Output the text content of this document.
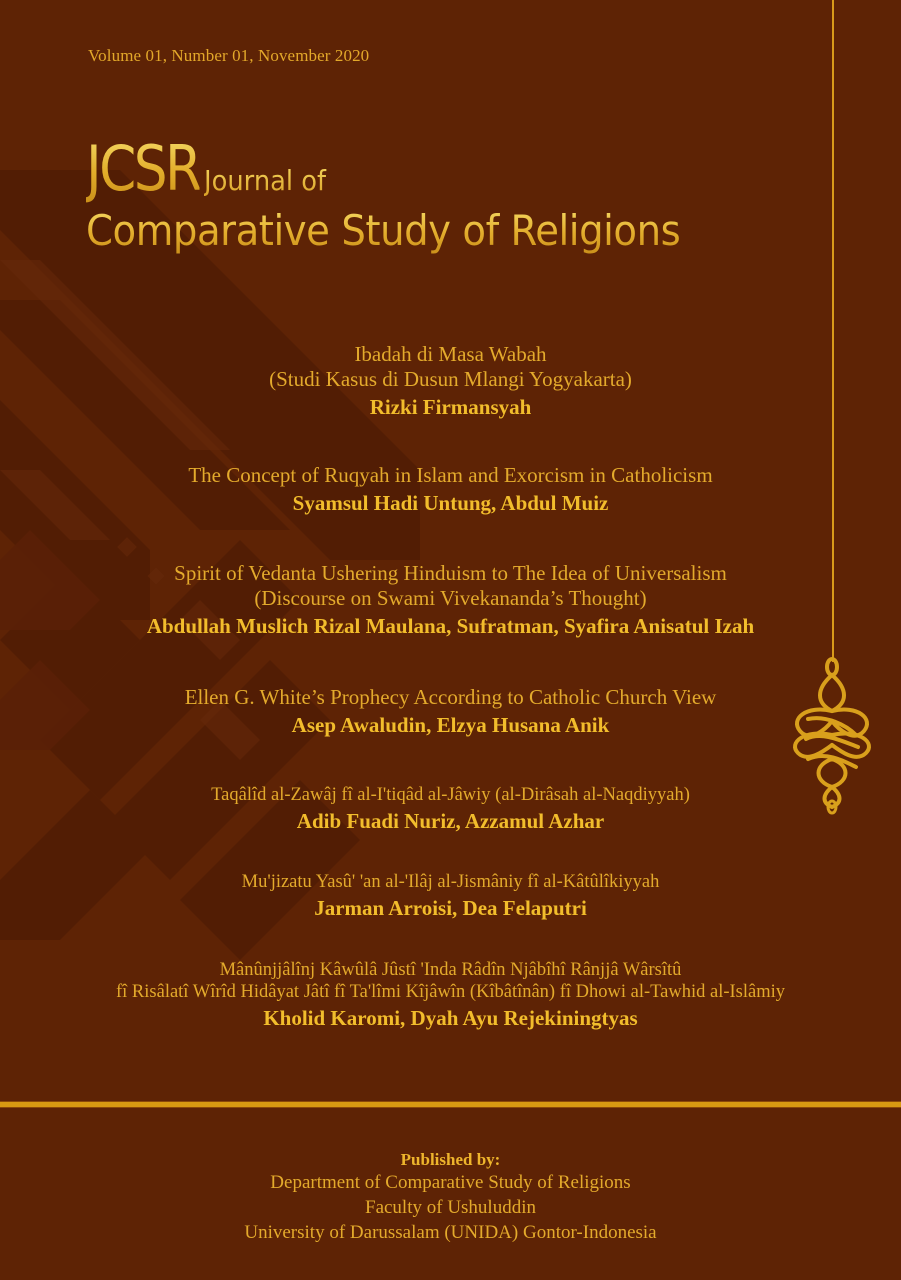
Volume 01, Number 01, November 2020
JCSR Journal of
Comparative Study of Religions
Ibadah di Masa Wabah
(Studi Kasus di Dusun Mlangi Yogyakarta)
Rizki Firmansyah
The Concept of Ruqyah in Islam and Exorcism in Catholicism
Syamsul Hadi Untung, Abdul Muiz
Spirit of Vedanta Ushering Hinduism to The Idea of Universalism
(Discourse on Swami Vivekananda’s Thought)
Abdullah Muslich Rizal Maulana, Sufratman, Syafira Anisatul Izah
Ellen G. White’s Prophecy According to Catholic Church View
Asep Awaludin, Elzya Husana Anik
Taqâlîd al-Zawâj fî al-I'tiqâd al-Jâwiy (al-Dirâsah al-Naqdiyyah)
Adib Fuadi Nuriz, Azzamul Azhar
Mu'jizatu Yasû' 'an al-'Ilâj al-Jismâniy fî al-Kâtûlîkiyyah
Jarman Arroisi, Dea Felaputri
Mânûnjjâlînj Kâwûlâ Jûstî 'Inda Râdîn Njâbîhî Rânjjâ Wârsîtû
fî Risâlatî Wîrîd Hidâyat Jâtî fî Ta'lîmi Kîjâwîn (Kîbâtînân) fî Dhowi al-Tawhid al-Islâmiy
Kholid Karomi, Dyah Ayu Rejekiningtyas
Published by:
Department of Comparative Study of Religions
Faculty of Ushuluddin
University of Darussalam (UNIDA) Gontor-Indonesia
